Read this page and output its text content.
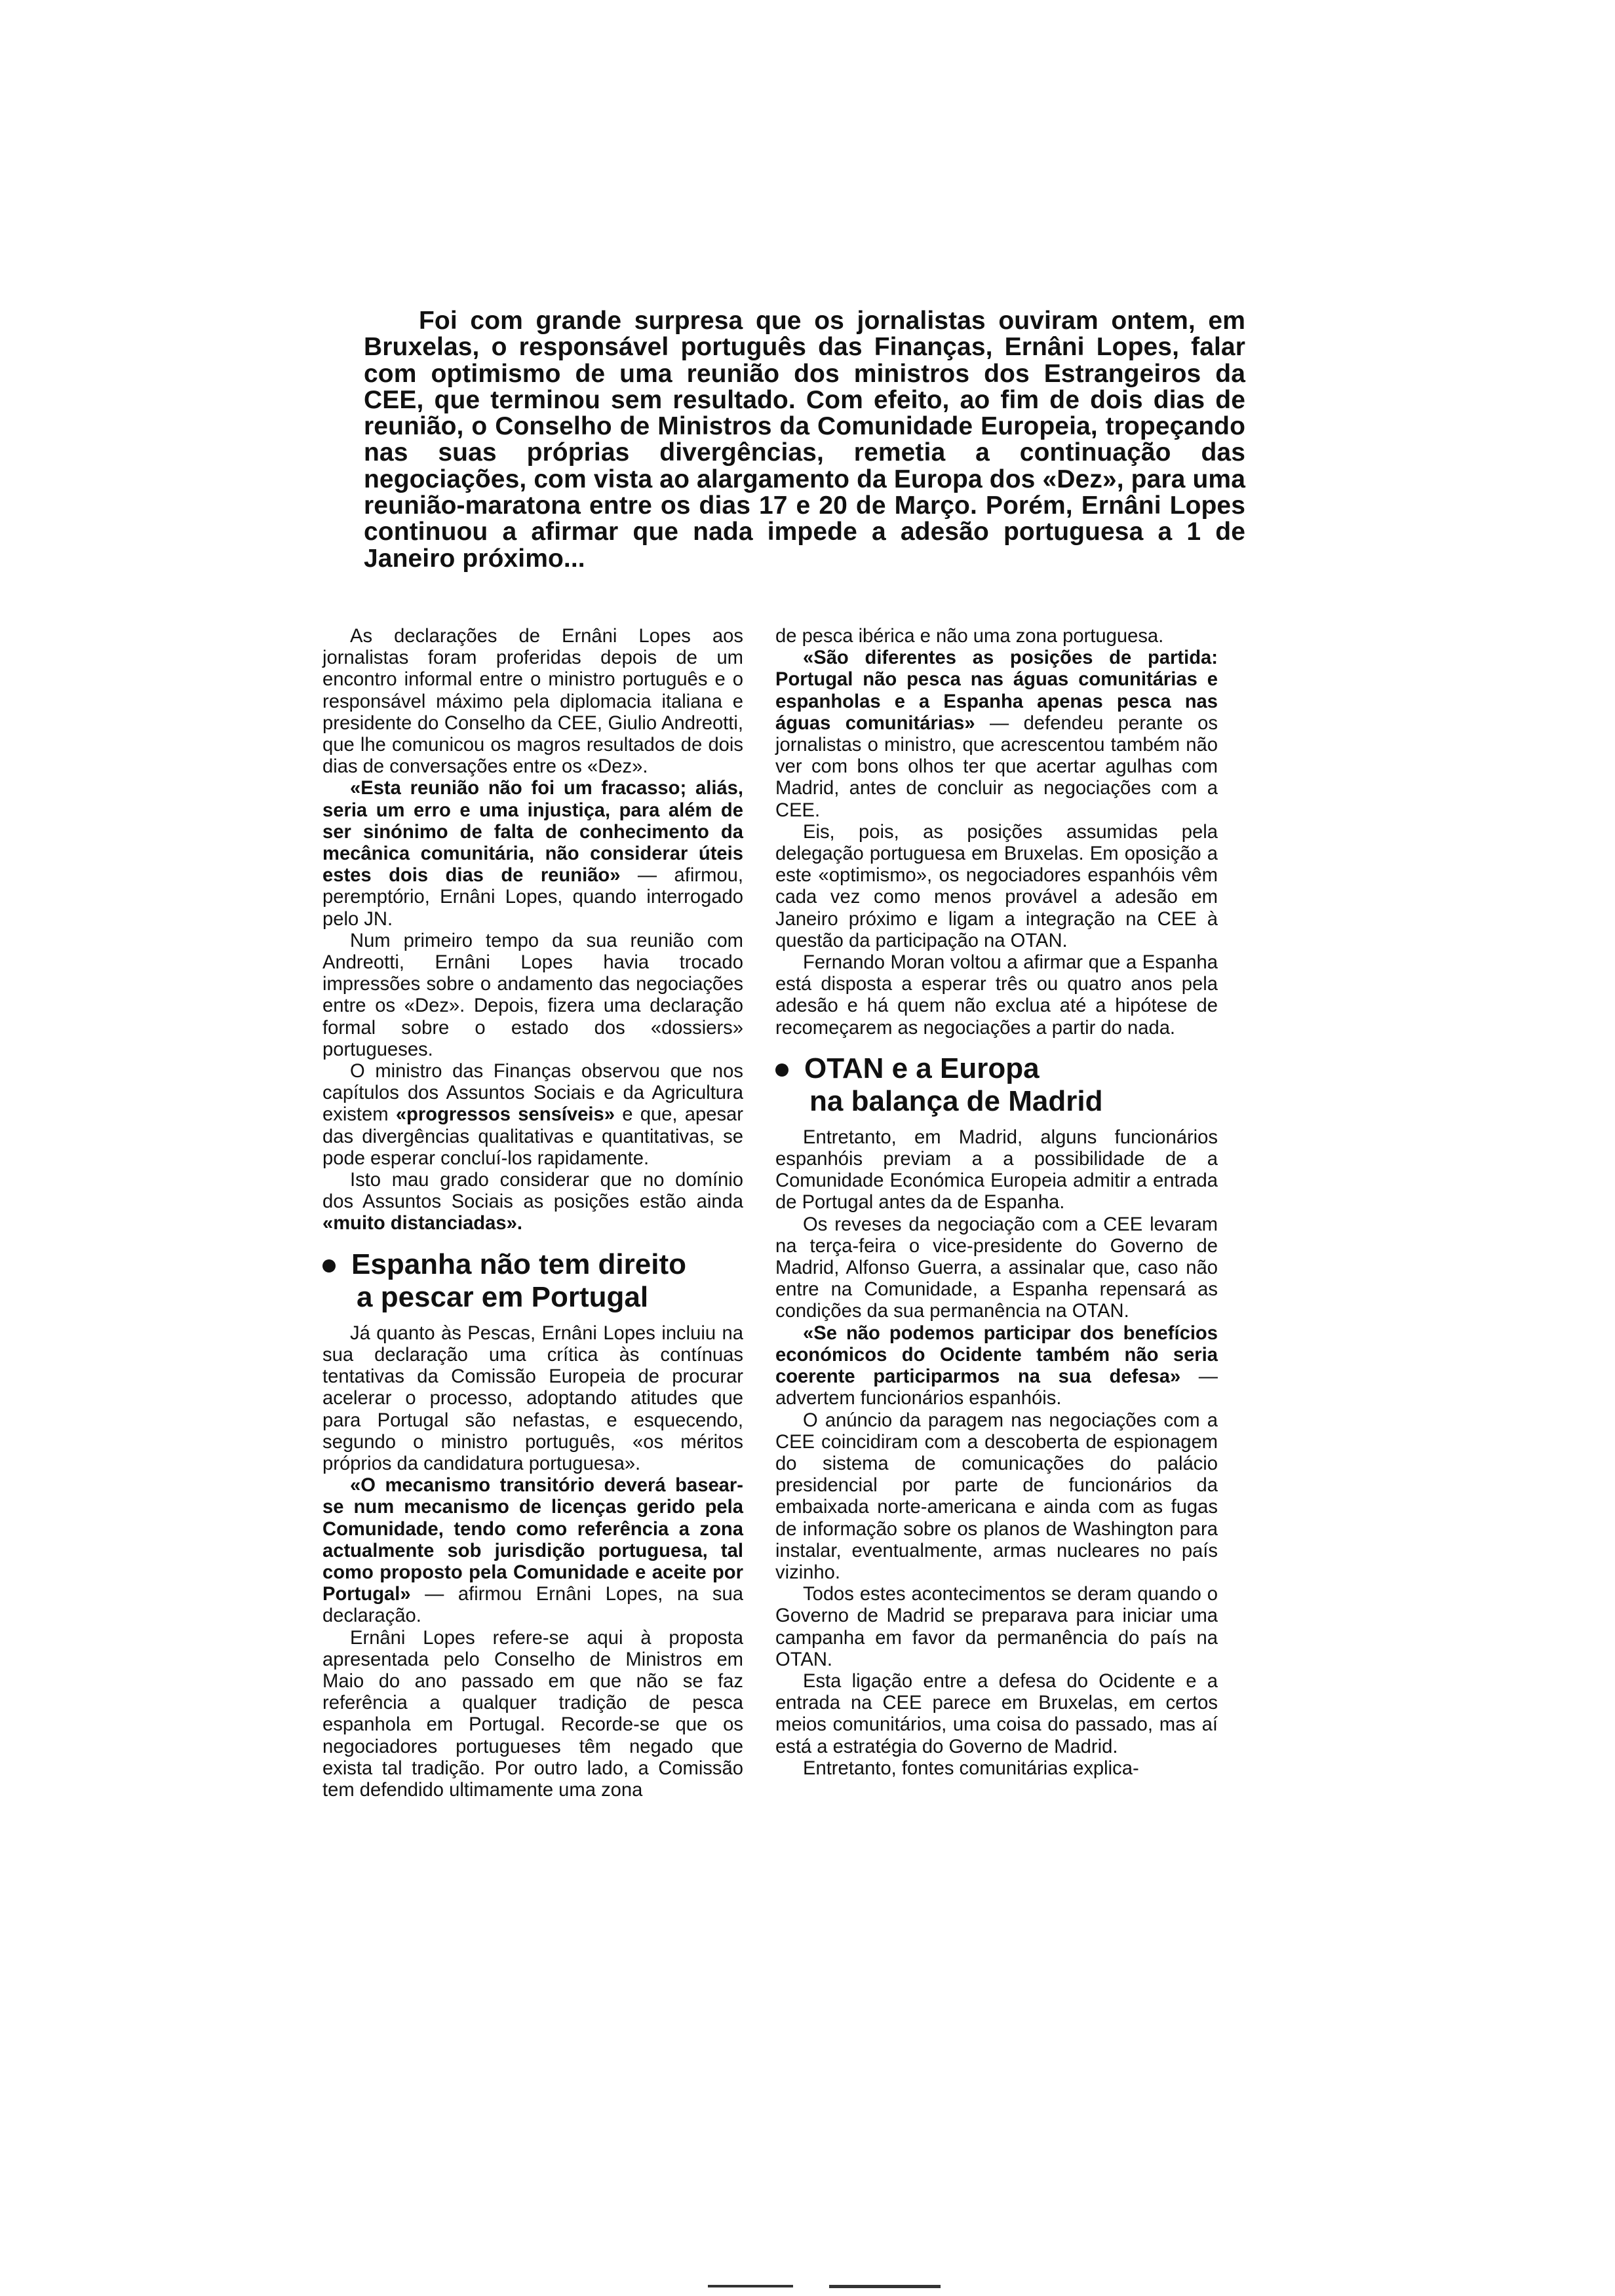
Foi com grande surpresa que os jornalistas ouviram ontem, em Bruxelas, o responsável português das Finanças, Ernâni Lopes, falar com optimismo de uma reunião dos ministros dos Estrangeiros da CEE, que terminou sem resultado. Com efeito, ao fim de dois dias de reunião, o Conselho de Ministros da Comunidade Europeia, tropeçando nas suas próprias divergências, remetia a continuação das negociações, com vista ao alargamento da Europa dos «Dez», para uma reunião-maratona entre os dias 17 e 20 de Março. Porém, Ernâni Lopes continuou a afirmar que nada impede a adesão portuguesa a 1 de Janeiro próximo...

As declarações de Ernâni Lopes aos jornalistas foram proferidas depois de um encontro informal entre o ministro português e o responsável máximo pela diplomacia italiana e presidente do Conselho da CEE, Giulio Andreotti, que lhe comunicou os magros resultados de dois dias de conversações entre os «Dez».

«Esta reunião não foi um fracasso; aliás, seria um erro e uma injustiça, para além de ser sinónimo de falta de conhecimento da mecânica comunitária, não considerar úteis estes dois dias de reunião» — afirmou, peremptório, Ernâni Lopes, quando interrogado pelo JN.

Num primeiro tempo da sua reunião com Andreotti, Ernâni Lopes havia trocado impressões sobre o andamento das negociações entre os «Dez». Depois, fizera uma declaração formal sobre o estado dos «dossiers» portugueses.

O ministro das Finanças observou que nos capítulos dos Assuntos Sociais e da Agricultura existem «progressos sensíveis» e que, apesar das divergências qualitativas e quantitativas, se pode esperar concluí-los rapidamente.

Isto mau grado considerar que no domínio dos Assuntos Sociais as posições estão ainda «muito distanciadas».

Espanha não tem direito
a pescar em Portugal

Já quanto às Pescas, Ernâni Lopes incluiu na sua declaração uma crítica às contínuas tentativas da Comissão Europeia de procurar acelerar o processo, adoptando atitudes que para Portugal são nefastas, e esquecendo, segundo o ministro português, «os méritos próprios da candidatura portuguesa».

«O mecanismo transitório deverá basear-se num mecanismo de licenças gerido pela Comunidade, tendo como referência a zona actualmente sob jurisdição portuguesa, tal como proposto pela Comunidade e aceite por Portugal» — afirmou Ernâni Lopes, na sua declaração.

Ernâni Lopes refere-se aqui à proposta apresentada pelo Conselho de Ministros em Maio do ano passado em que não se faz referência a qualquer tradição de pesca espanhola em Portugal. Recorde-se que os negociadores portugueses têm negado que exista tal tradição. Por outro lado, a Comissão tem defendido ultimamente uma zona

de pesca ibérica e não uma zona portuguesa.

«São diferentes as posições de partida: Portugal não pesca nas águas comunitárias e espanholas e a Espanha apenas pesca nas águas comunitárias» — defendeu perante os jornalistas o ministro, que acrescentou também não ver com bons olhos ter que acertar agulhas com Madrid, antes de concluir as negociações com a CEE.

Eis, pois, as posições assumidas pela delegação portuguesa em Bruxelas. Em oposição a este «optimismo», os negociadores espanhóis vêm cada vez como menos provável a adesão em Janeiro próximo e ligam a integração na CEE à questão da participação na OTAN.

Fernando Moran voltou a afirmar que a Espanha está disposta a esperar três ou quatro anos pela adesão e há quem não exclua até a hipótese de recomeçarem as negociações a partir do nada.

OTAN e a Europa
na balança de Madrid

Entretanto, em Madrid, alguns funcionários espanhóis previam a a possibilidade de a Comunidade Económica Europeia admitir a entrada de Portugal antes da de Espanha.

Os reveses da negociação com a CEE levaram na terça-feira o vice-presidente do Governo de Madrid, Alfonso Guerra, a assinalar que, caso não entre na Comunidade, a Espanha repensará as condições da sua permanência na OTAN.

«Se não podemos participar dos benefícios económicos do Ocidente também não seria coerente participarmos na sua defesa» — advertem funcionários espanhóis.

O anúncio da paragem nas negociações com a CEE coincidiram com a descoberta de espionagem do sistema de comunicações do palácio presidencial por parte de funcionários da embaixada norte-americana e ainda com as fugas de informação sobre os planos de Washington para instalar, eventualmente, armas nucleares no país vizinho.

Todos estes acontecimentos se deram quando o Governo de Madrid se preparava para iniciar uma campanha em favor da permanência do país na OTAN.

Esta ligação entre a defesa do Ocidente e a entrada na CEE parece em Bruxelas, em certos meios comunitários, uma coisa do passado, mas aí está a estratégia do Governo de Madrid.

Entretanto, fontes comunitárias explica-
